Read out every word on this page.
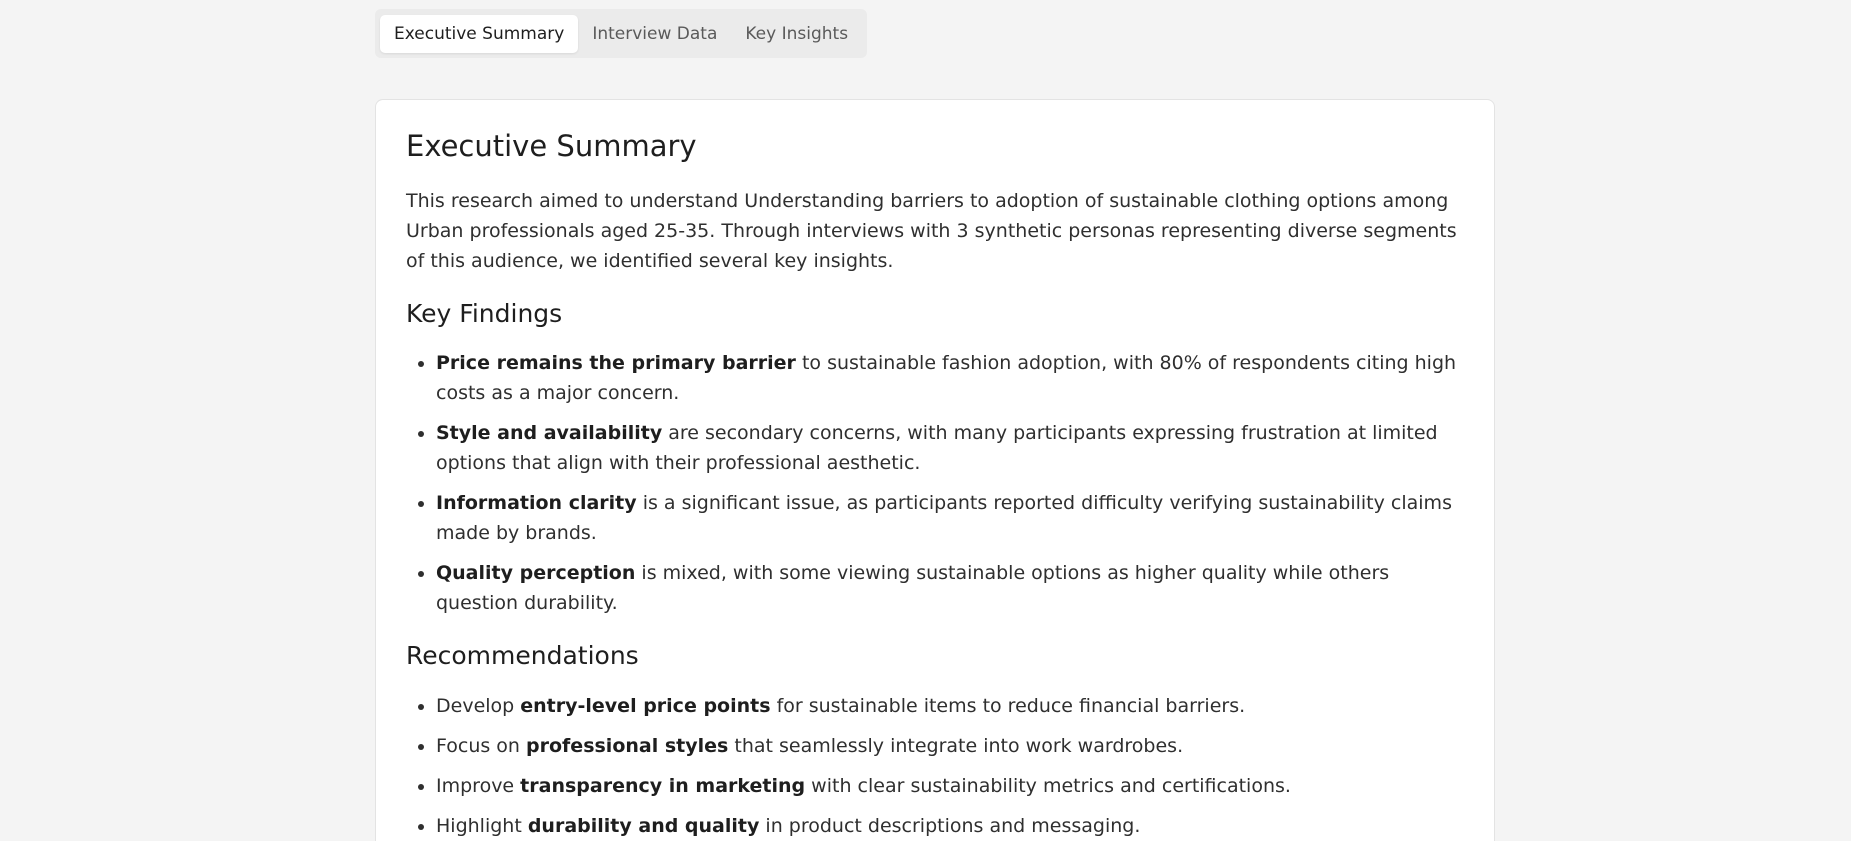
Executive Summary	Interview Data	Key Insights
Executive Summary

This research aimed to understand Understanding barriers to adoption of sustainable clothing options among Urban professionals aged 25-35. Through interviews with 3 synthetic personas representing diverse segments of this audience, we identified several key insights.

Key Findings
• Price remains the primary barrier to sustainable fashion adoption, with 80% of respondents citing high costs as a major concern.
• Style and availability are secondary concerns, with many participants expressing frustration at limited options that align with their professional aesthetic.
• Information clarity is a significant issue, as participants reported difficulty verifying sustainability claims made by brands.
• Quality perception is mixed, with some viewing sustainable options as higher quality while others question durability.
Recommendations
• Develop entry-level price points for sustainable items to reduce financial barriers.
• Focus on professional styles that seamlessly integrate into work wardrobes.
• Improve transparency in marketing with clear sustainability metrics and certifications.
• Highlight durability and quality in product descriptions and messaging.
